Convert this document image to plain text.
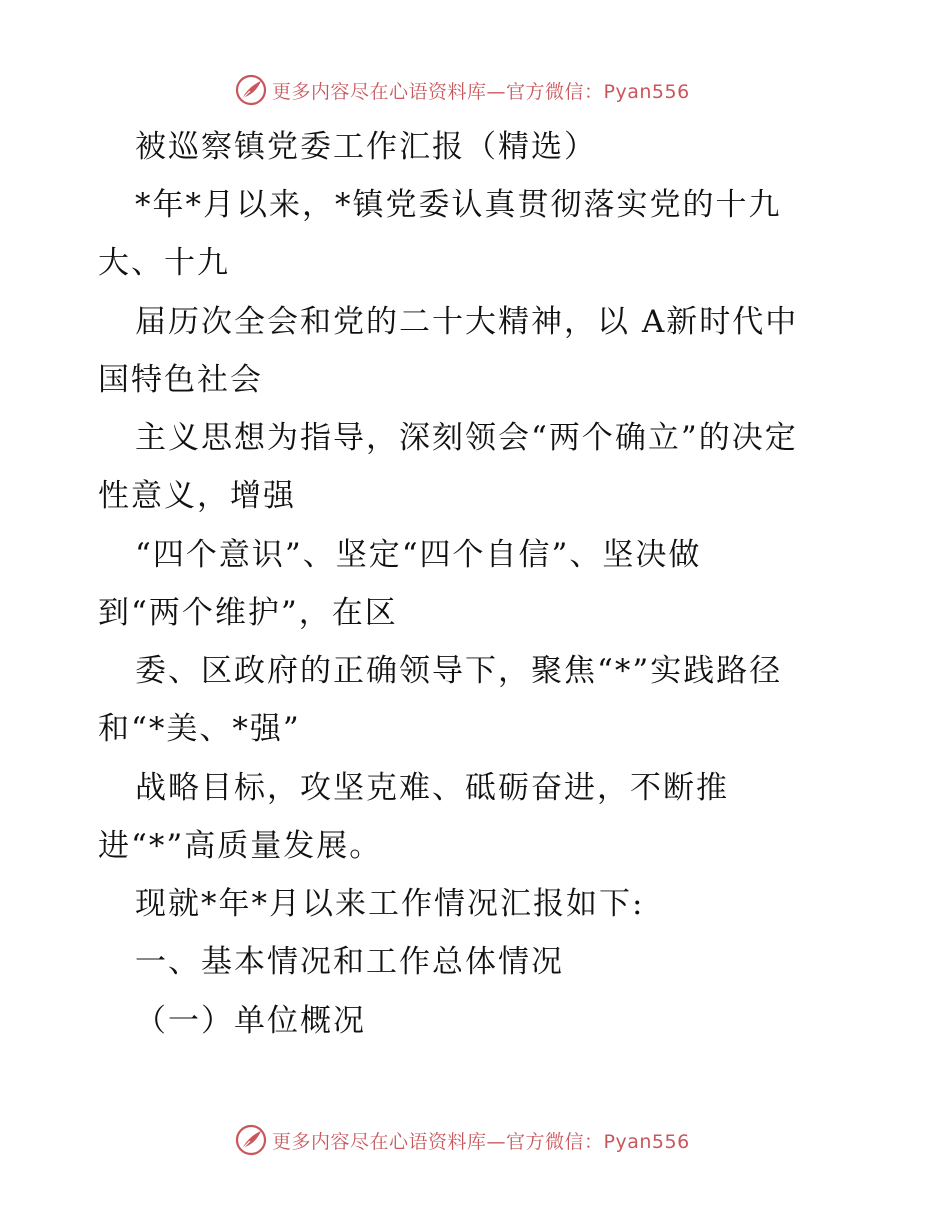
更多内容尽在心语资料库—官方微信：Pyan556
被巡察镇党委工作汇报（精选）
*年*月以来，*镇党委认真贯彻落实党的十九
大、十九
届历次全会和党的二十大精神，以 A新时代中
国特色社会
主义思想为指导，深刻领会“两个确立”的决定
性意义，增强
“四个意识”、坚定“四个自信”、坚决做
到“两个维护”，在区
委、区政府的正确领导下，聚焦“*”实践路径
和“*美、*强”
战略目标，攻坚克难、砥砺奋进，不断推
进“*”高质量发展。
现就*年*月以来工作情况汇报如下:
一、基本情况和工作总体情况
（一）单位概况
更多内容尽在心语资料库—官方微信：Pyan556
